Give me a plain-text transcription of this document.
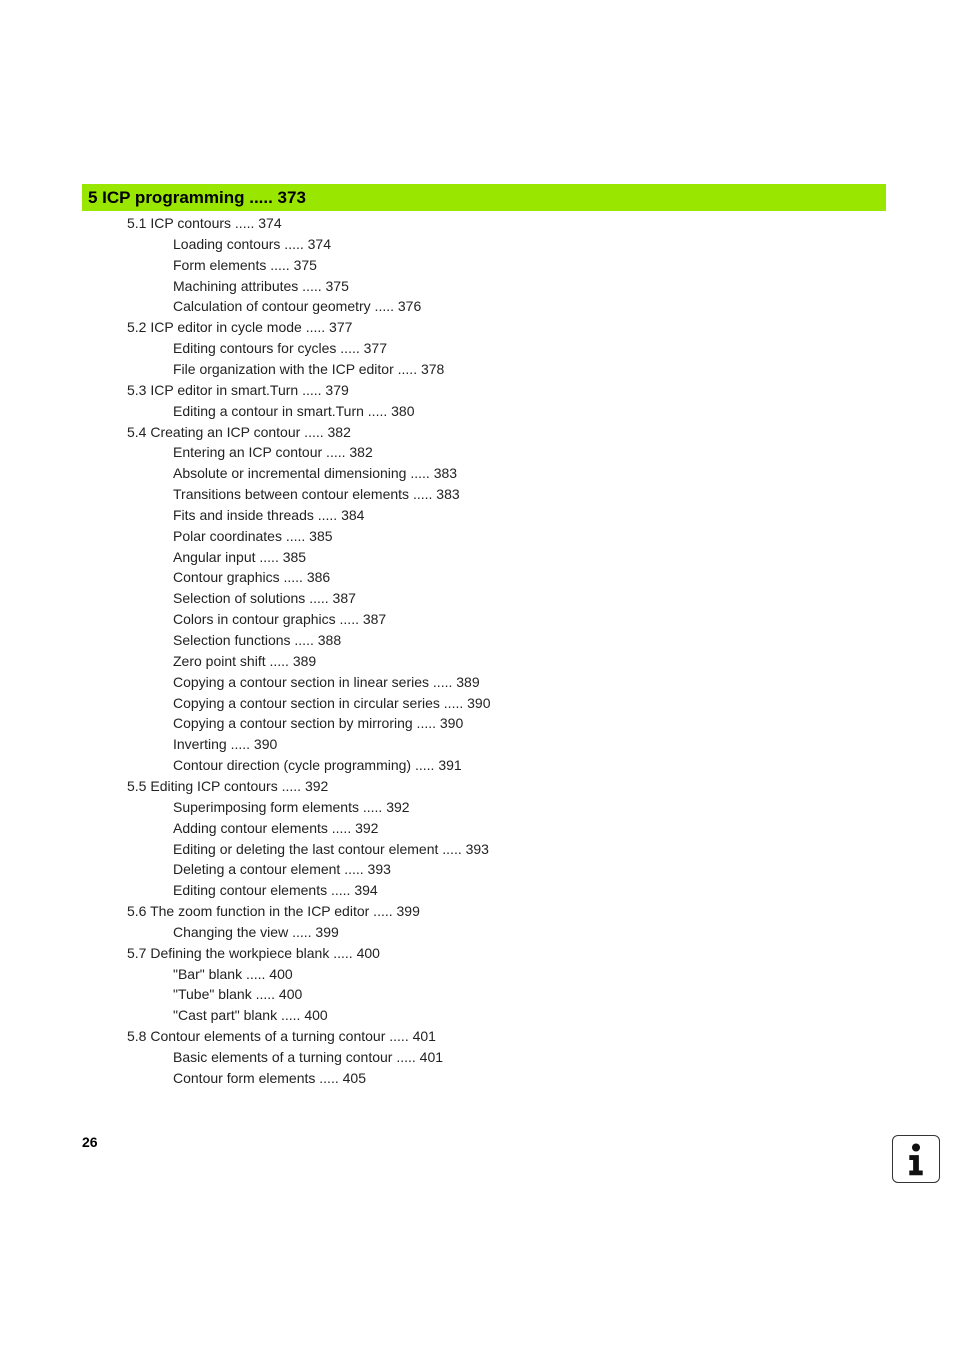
5 ICP programming ..... 373
5.1 ICP contours ..... 374
Loading contours ..... 374
Form elements ..... 375
Machining attributes ..... 375
Calculation of contour geometry ..... 376
5.2 ICP editor in cycle mode ..... 377
Editing contours for cycles ..... 377
File organization with the ICP editor ..... 378
5.3 ICP editor in smart.Turn ..... 379
Editing a contour in smart.Turn ..... 380
5.4 Creating an ICP contour ..... 382
Entering an ICP contour ..... 382
Absolute or incremental dimensioning ..... 383
Transitions between contour elements ..... 383
Fits and inside threads ..... 384
Polar coordinates ..... 385
Angular input ..... 385
Contour graphics ..... 386
Selection of solutions ..... 387
Colors in contour graphics ..... 387
Selection functions ..... 388
Zero point shift ..... 389
Copying a contour section in linear series ..... 389
Copying a contour section in circular series ..... 390
Copying a contour section by mirroring ..... 390
Inverting ..... 390
Contour direction (cycle programming) ..... 391
5.5 Editing ICP contours ..... 392
Superimposing form elements ..... 392
Adding contour elements ..... 392
Editing or deleting the last contour element ..... 393
Deleting a contour element ..... 393
Editing contour elements ..... 394
5.6 The zoom function in the ICP editor ..... 399
Changing the view ..... 399
5.7 Defining the workpiece blank ..... 400
"Bar" blank ..... 400
"Tube" blank ..... 400
"Cast part" blank ..... 400
5.8 Contour elements of a turning contour ..... 401
Basic elements of a turning contour ..... 401
Contour form elements ..... 405
26
